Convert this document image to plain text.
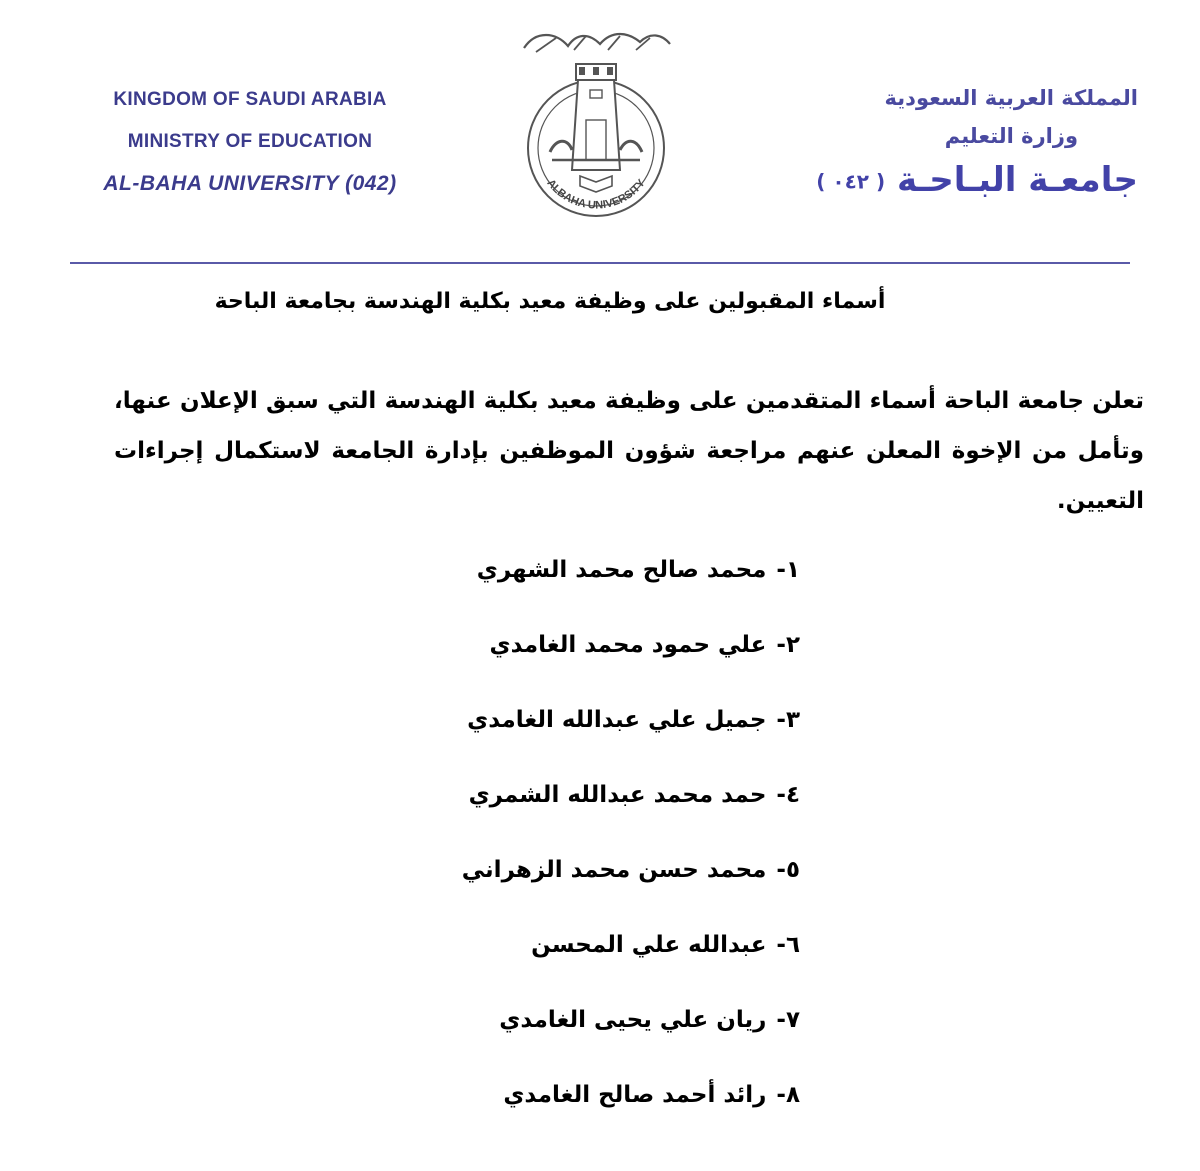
KINGDOM OF SAUDI ARABIA
MINISTRY OF EDUCATION
AL-BAHA UNIVERSITY (042)	ALBAHA UNIVERSITY
المملكة العربية السعودية
وزارة التعليم
جامعـة البـاحـة ( ٠٤٢ )
أسماء المقبولين على وظيفة معيد بكلية الهندسة بجامعة الباحة
تعلن جامعة الباحة أسماء المتقدمين على وظيفة معيد بكلية الهندسة التي سبق الإعلان عنها، وتأمل من الإخوة المعلن عنهم مراجعة شؤون الموظفين بإدارة الجامعة لاستكمال إجراءات التعيين.
١-محمد صالح محمد الشهري
٢-علي حمود محمد الغامدي
٣-جميل علي عبدالله الغامدي
٤-حمد محمد عبدالله الشمري
٥-محمد حسن محمد الزهراني
٦-عبدالله علي المحسن
٧-ريان علي يحيى الغامدي
٨-رائد أحمد صالح الغامدي
